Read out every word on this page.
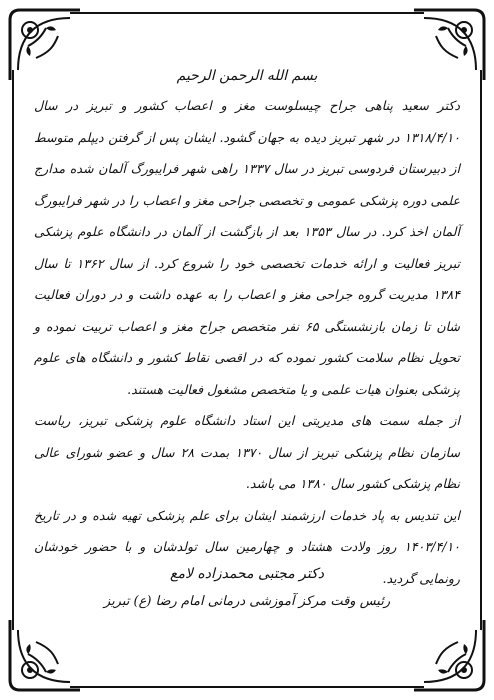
بسم الله الرحمن الرحیم

دکتر سعید پناهی جراح چیسلوست مغز و اعصاب کشور و تبریز در سال ۱۳۱۸/۴/۱۰ در شهر تبریز دیده به جهان گشود. ایشان پس از گرفتن دیپلم متوسط از دبیرستان فردوسی تبریز در سال ۱۳۳۷ راهی شهر فرایبورگ آلمان شده مدارج علمی دوره پزشکی عمومی و تخصصی جراحی مغز و اعصاب را در شهر فرایبورگ آلمان اخذ کرد. در سال ۱۳۵۳ بعد از بازگشت از آلمان در دانشگاه علوم پزشکی تبریز فعالیت و ارائه خدمات تخصصی خود را شروع کرد. از سال ۱۳۶۲ تا سال ۱۳۸۴ مدیریت گروه جراحی مغز و اعصاب را به عهده داشت و در دوران فعالیت شان تا زمان بازنشستگی ۶۵ نفر متخصص جراح مغز و اعصاب تربیت نموده و تحویل نظام سلامت کشور نموده که در اقصی نقاط کشور و دانشگاه های علوم پزشکی بعنوان هیات علمی و یا متخصص مشغول فعالیت هستند.

از جمله سمت های مدیریتی این استاد دانشگاه علوم پزشکی تبریز، ریاست سازمان نظام پزشکی تبریز از سال ۱۳۷۰ بمدت ۲۸ سال و عضو شورای عالی نظام پزشکی کشور سال ۱۳۸۰ می باشد.

این تندیس به پاد خدمات ارزشمند ایشان برای علم پزشکی تهیه شده و در تاریخ ۱۴۰۳/۴/۱۰ روز ولادت هشتاد و چهارمین سال تولدشان و با حضور خودشان رونمایی گردید.

دکتر مجتبی محمدزاده لامع

رئیس وقت مرکز آموزشی درمانی امام رضا (ع) تبریز
